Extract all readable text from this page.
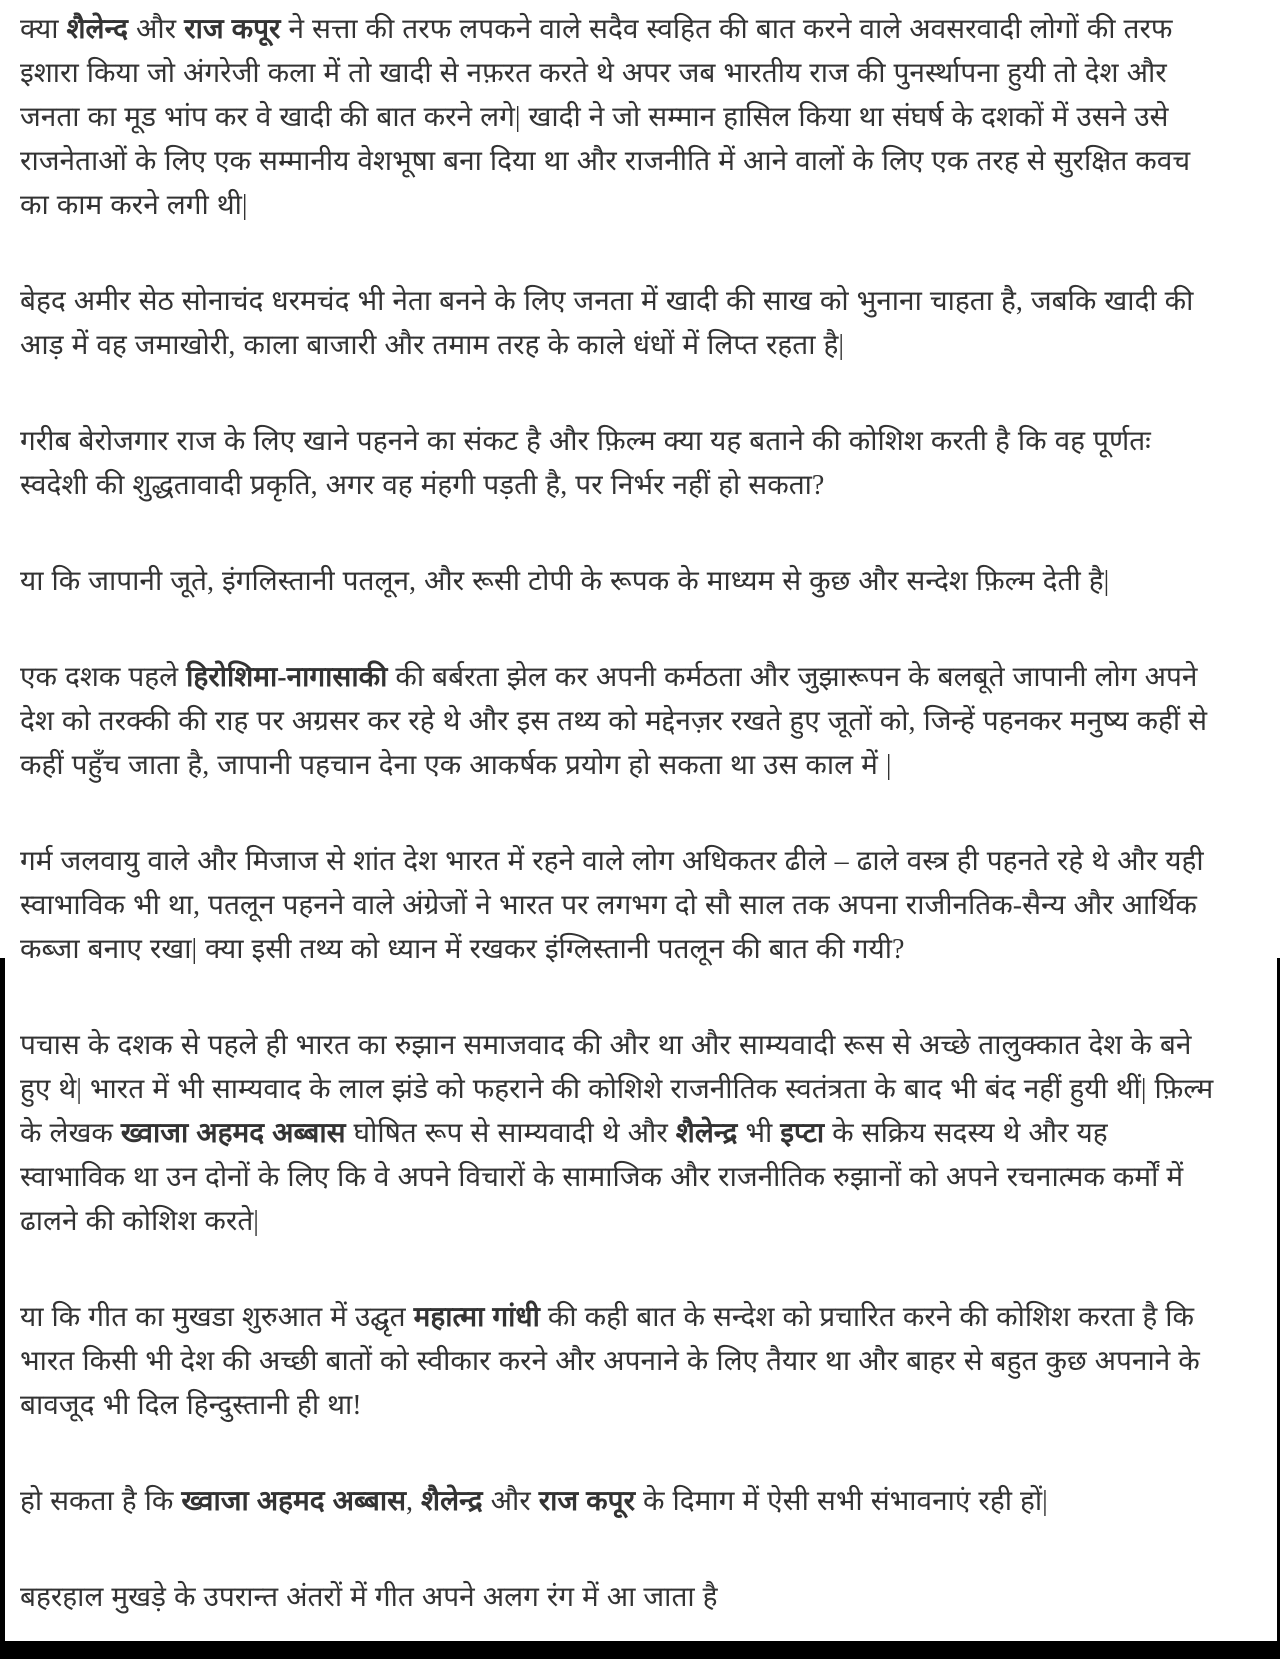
क्या शैलेन्द और राज कपूर ने सत्ता की तरफ लपकने वाले सदैव स्वहित की बात करने वाले अवसरवादी लोगों की तरफ इशारा किया जो अंगरेजी कला में तो खादी से नफ़रत करते थे अपर जब भारतीय राज की पुनर्स्थापना हुयी तो देश और जनता का मूड भांप कर वे खादी की बात करने लगे| खादी ने जो सम्मान हासिल किया था संघर्ष के दशकों में उसने उसे राजनेताओं के लिए एक सम्मानीय वेशभूषा बना दिया था और राजनीति में आने वालों के लिए एक तरह से सुरक्षित कवच का काम करने लगी थी|

बेहद अमीर सेठ सोनाचंद धरमचंद भी नेता बनने के लिए जनता में खादी की साख को भुनाना चाहता है, जबकि खादी की आड़ में वह जमाखोरी, काला बाजारी और तमाम तरह के काले धंधों में लिप्त रहता है|

गरीब बेरोजगार राज के लिए खाने पहनने का संकट है और फ़िल्म क्या यह बताने की कोशिश करती है कि वह पूर्णतः स्वदेशी की शुद्धतावादी प्रकृति, अगर वह मंहगी पड़ती है, पर निर्भर नहीं हो सकता?

या कि जापानी जूते, इंगलिस्तानी पतलून, और रूसी टोपी के रूपक के माध्यम से कुछ और सन्देश फ़िल्म देती है|

एक दशक पहले हिरोशिमा-नागासाकी की बर्बरता झेल कर अपनी कर्मठता और जुझारूपन के बलबूते जापानी लोग अपने देश को तरक्की की राह पर अग्रसर कर रहे थे और इस तथ्य को मद्देनज़र रखते हुए जूतों को, जिन्हें पहनकर मनुष्य कहीं से कहीं पहुँच जाता है, जापानी पहचान देना एक आकर्षक प्रयोग हो सकता था उस काल में |

गर्म जलवायु वाले और मिजाज से शांत देश भारत में रहने वाले लोग अधिकतर ढीले – ढाले वस्त्र ही पहनते रहे थे और यही स्वाभाविक भी था, पतलून पहनने वाले अंग्रेजों ने भारत पर लगभग दो सौ साल तक अपना राजीनतिक-सैन्य और आर्थिक कब्जा बनाए रखा| क्या इसी तथ्य को ध्यान में रखकर इंग्लिस्तानी पतलून की बात की गयी?

पचास के दशक से पहले ही भारत का रुझान समाजवाद की और था और साम्यवादी रूस से अच्छे तालुक्कात देश के बने हुए थे| भारत में भी साम्यवाद के लाल झंडे को फहराने की कोशिशे राजनीतिक स्वतंत्रता के बाद भी बंद नहीं हुयी थीं| फ़िल्म के लेखक ख्वाजा अहमद अब्बास घोषित रूप से साम्यवादी थे और शैलेन्द्र भी इप्टा के सक्रिय सदस्य थे और यह स्वाभाविक था उन दोनों के लिए कि वे अपने विचारों के सामाजिक और राजनीतिक रुझानों को अपने रचनात्मक कर्मों में ढालने की कोशिश करते|

या कि गीत का मुखडा शुरुआत में उद्घृत महात्मा गांधी की कही बात के सन्देश को प्रचारित करने की कोशिश करता है कि भारत किसी भी देश की अच्छी बातों को स्वीकार करने और अपनाने के लिए तैयार था और बाहर से बहुत कुछ अपनाने के बावजूद भी दिल हिन्दुस्तानी ही था!

हो सकता है कि ख्वाजा अहमद अब्बास, शैलेन्द्र और राज कपूर के दिमाग में ऐसी सभी संभावनाएं रही हों|

बहरहाल मुखड़े के उपरान्त अंतरों में गीत अपने अलग रंग में आ जाता है
